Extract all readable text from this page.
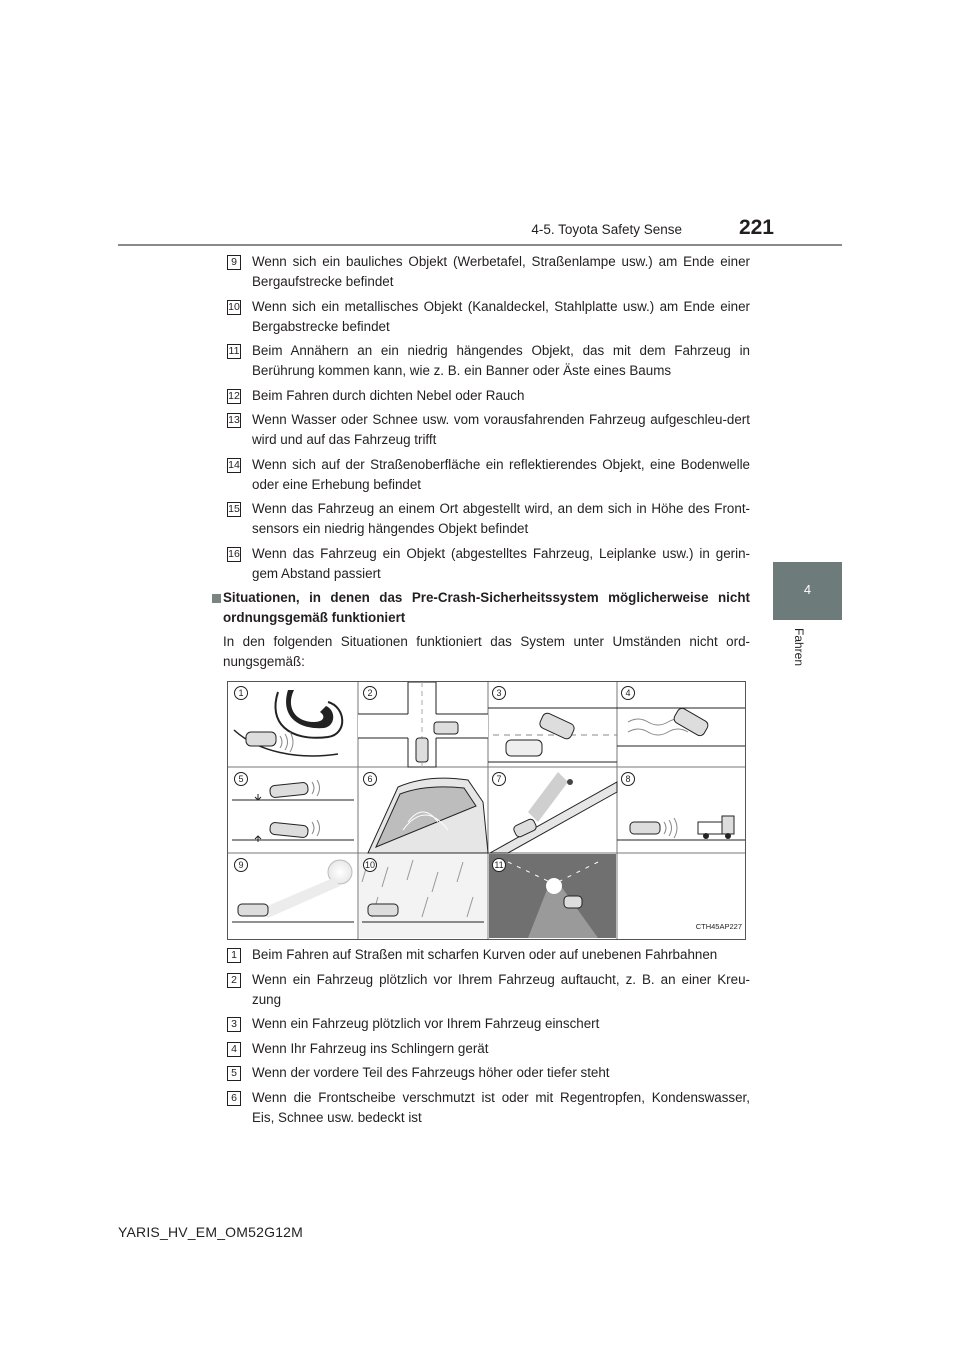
4-5. Toyota Safety Sense	221
4
Fahren
9	Wenn sich ein bauliches Objekt (Werbetafel, Straßenlampe usw.) am Ende einer Bergaufstrecke befindet
10 Wenn sich ein metallisches Objekt (Kanaldeckel, Stahlplatte usw.) am Ende einer Bergabstrecke befindet
11 Beim Annähern an ein niedrig hängendes Objekt, das mit dem Fahrzeug in Berührung kommen kann, wie z. B. ein Banner oder Äste eines Baums
12 Beim Fahren durch dichten Nebel oder Rauch
13 Wenn Wasser oder Schnee usw. vom vorausfahrenden Fahrzeug aufgeschleu-dert wird und auf das Fahrzeug trifft
14 Wenn sich auf der Straßenoberfläche ein reflektierendes Objekt, eine Bodenwelle oder eine Erhebung befindet
15 Wenn das Fahrzeug an einem Ort abgestellt wird, an dem sich in Höhe des Front-sensors ein niedrig hängendes Objekt befindet
16 Wenn das Fahrzeug ein Objekt (abgestelltes Fahrzeug, Leiplanke usw.) in gerin-gem Abstand passiert
Situationen, in denen das Pre-Crash-Sicherheitssystem möglicherweise nicht ordnungsgemäß funktioniert
In den folgenden Situationen funktioniert das System unter Umständen nicht ord-nungsgemäß:
1	2	3	4
5	6	7	8
9	10	11
CTH45AP227
1	Beim Fahren auf Straßen mit scharfen Kurven oder auf unebenen Fahrbahnen
2	Wenn ein Fahrzeug plötzlich vor Ihrem Fahrzeug auftaucht, z. B. an einer Kreu-zung
3	Wenn ein Fahrzeug plötzlich vor Ihrem Fahrzeug einschert
4	Wenn Ihr Fahrzeug ins Schlingern gerät
5	Wenn der vordere Teil des Fahrzeugs höher oder tiefer steht
6	Wenn die Frontscheibe verschmutzt ist oder mit Regentropfen, Kondenswasser, Eis, Schnee usw. bedeckt ist
YARIS_HV_EM_OM52G12M
